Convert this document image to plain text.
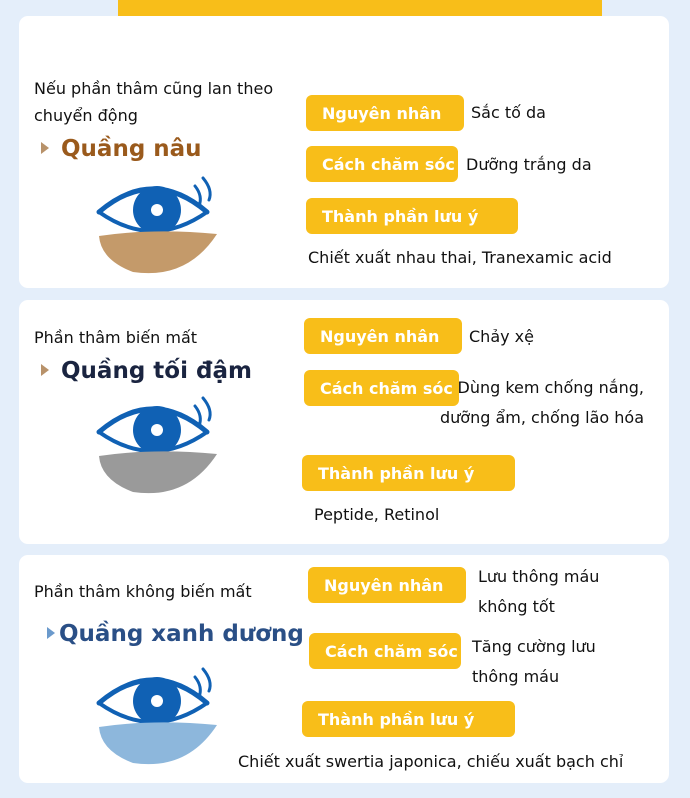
Nếu phần thâm cũng lan theo
chuyển động
Quầng nâu
Nguyên nhân Sắc tố da
Cách chăm sóc Dưỡng trắng da
Thành phần lưu ý
Chiết xuất nhau thai, Tranexamic acid
Phần thâm biến mất
Quầng tối đậm
Nguyên nhân Chảy xệ
Cách chăm sóc Dùng kem chống nắng,
dưỡng ẩm, chống lão hóa
Thành phần lưu ý
Peptide, Retinol
Phần thâm không biến mất
Quầng xanh dương
Nguyên nhân Lưu thông máu
không tốt
Cách chăm sóc Tăng cường lưu
thông máu
Thành phần lưu ý
Chiết xuất swertia japonica, chiếu xuất bạch chỉ
